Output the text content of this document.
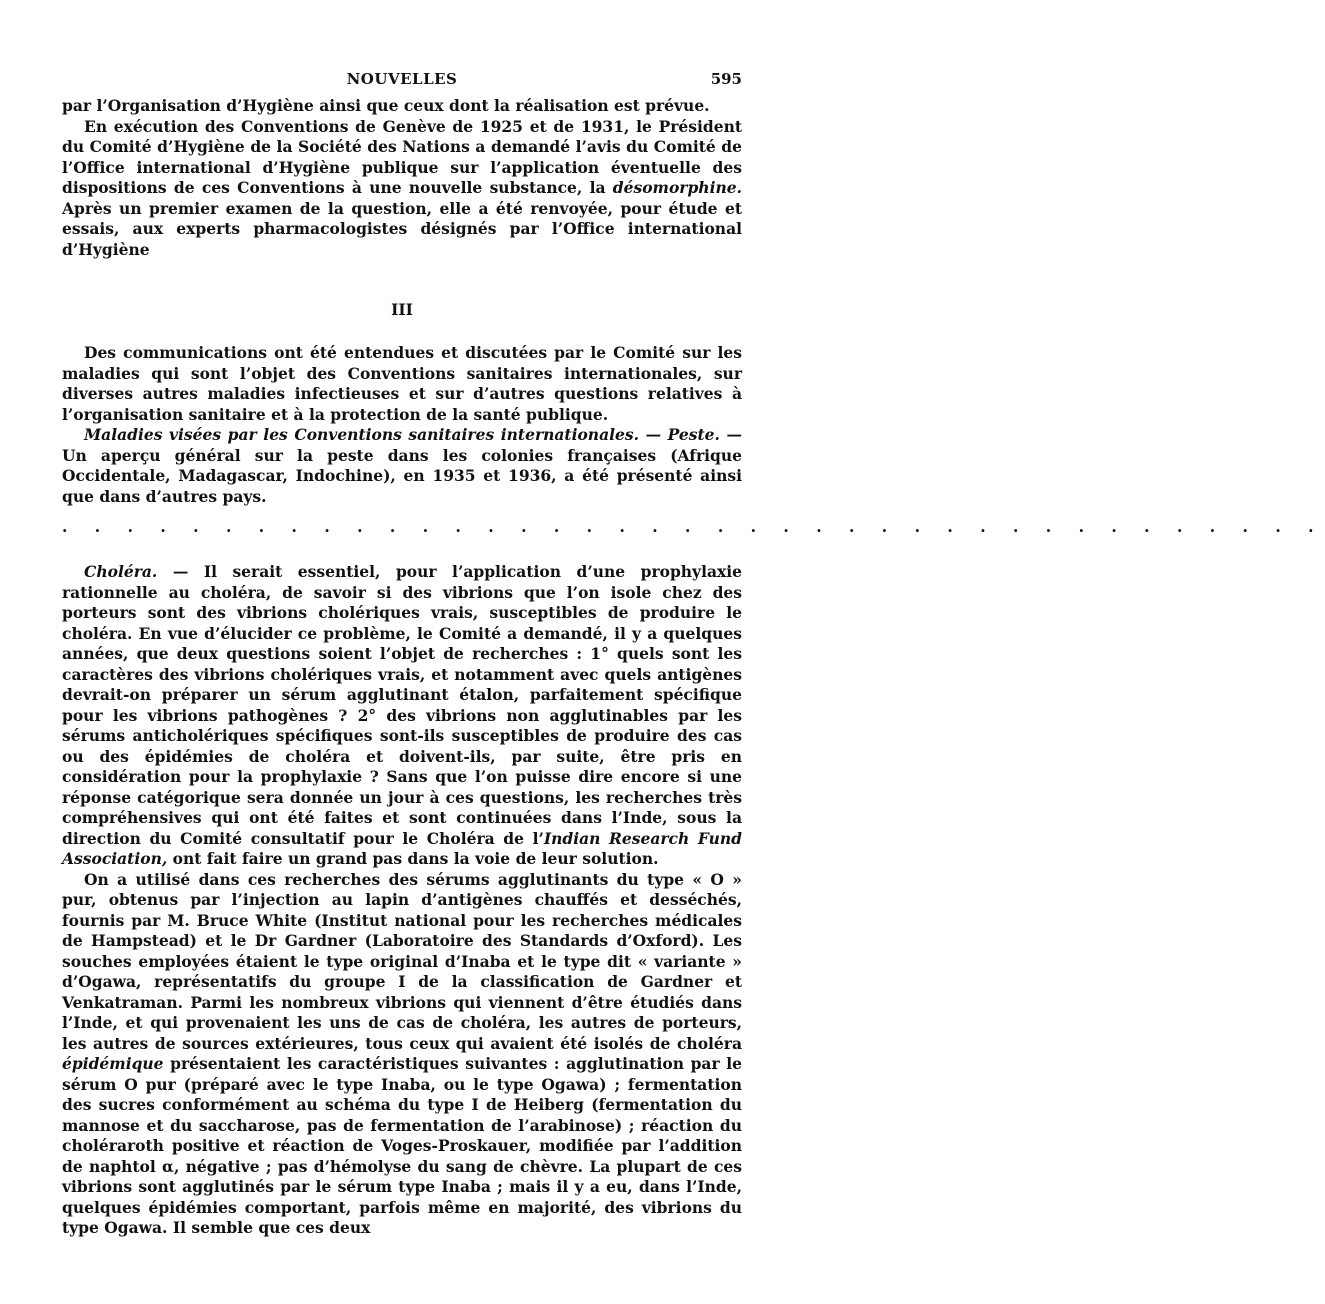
NOUVELLES	595

par l’Organisation d’Hygiène ainsi que ceux dont la réalisation est prévue.

En exécution des Conventions de Genève de 1925 et de 1931, le Président du Comité d’Hygiène de la Société des Nations a demandé l’avis du Comité de l’Office international d’Hygiène publique sur l’application éventuelle des dispositions de ces Conventions à une nouvelle substance, la désomorphine. Après un premier examen de la question, elle a été renvoyée, pour étude et essais, aux experts pharmacologistes désignés par l’Office international d’Hygiène

III

Des communications ont été entendues et discutées par le Comité sur les maladies qui sont l’objet des Conventions sanitaires internationales, sur diverses autres maladies infectieuses et sur d’autres questions relatives à l’organisation sanitaire et à la protection de la santé publique.

Maladies visées par les Conventions sanitaires internationales. — Peste. — Un aperçu général sur la peste dans les colonies françaises (Afrique Occidentale, Madagascar, Indochine), en 1935 et 1936, a été présenté ainsi que dans d’autres pays.

. . . . . . . . . . . . . . . . . . . . . . . . . . . . . . . . . . . . . . .

Choléra. — Il serait essentiel, pour l’application d’une prophylaxie rationnelle au choléra, de savoir si des vibrions que l’on isole chez des porteurs sont des vibrions cholériques vrais, susceptibles de produire le choléra. En vue d’élucider ce problème, le Comité a demandé, il y a quelques années, que deux questions soient l’objet de recherches : 1° quels sont les caractères des vibrions cholériques vrais, et notamment avec quels antigènes devrait-on préparer un sérum agglutinant étalon, parfaitement spécifique pour les vibrions pathogènes ? 2° des vibrions non agglutinables par les sérums anticholériques spécifiques sont-ils susceptibles de produire des cas ou des épidémies de choléra et doivent-ils, par suite, être pris en considération pour la prophylaxie ? Sans que l’on puisse dire encore si une réponse catégorique sera donnée un jour à ces questions, les recherches très compréhensives qui ont été faites et sont continuées dans l’Inde, sous la direction du Comité consultatif pour le Choléra de l’Indian Research Fund Association, ont fait faire un grand pas dans la voie de leur solution.

On a utilisé dans ces recherches des sérums agglutinants du type « O » pur, obtenus par l’injection au lapin d’antigènes chauffés et desséchés, fournis par M. Bruce White (Institut national pour les recherches médicales de Hampstead) et le Dr Gardner (Laboratoire des Standards d’Oxford). Les souches employées étaient le type original d’Inaba et le type dit « variante » d’Ogawa, représentatifs du groupe I de la classification de Gardner et Venkatraman. Parmi les nombreux vibrions qui viennent d’être étudiés dans l’Inde, et qui provenaient les uns de cas de choléra, les autres de porteurs, les autres de sources extérieures, tous ceux qui avaient été isolés de choléra épidémique présentaient les caractéristiques suivantes : agglutination par le sérum O pur (préparé avec le type Inaba, ou le type Ogawa) ; fermentation des sucres conformément au schéma du type I de Heiberg (fermentation du mannose et du saccharose, pas de fermentation de l’arabinose) ; réaction du choléraroth positive et réaction de Voges-Proskauer, modifiée par l’addition de naphtol α, négative ; pas d’hémolyse du sang de chèvre. La plupart de ces vibrions sont agglutinés par le sérum type Inaba ; mais il y a eu, dans l’Inde, quelques épidémies comportant, parfois même en majorité, des vibrions du type Ogawa. Il semble que ces deux
